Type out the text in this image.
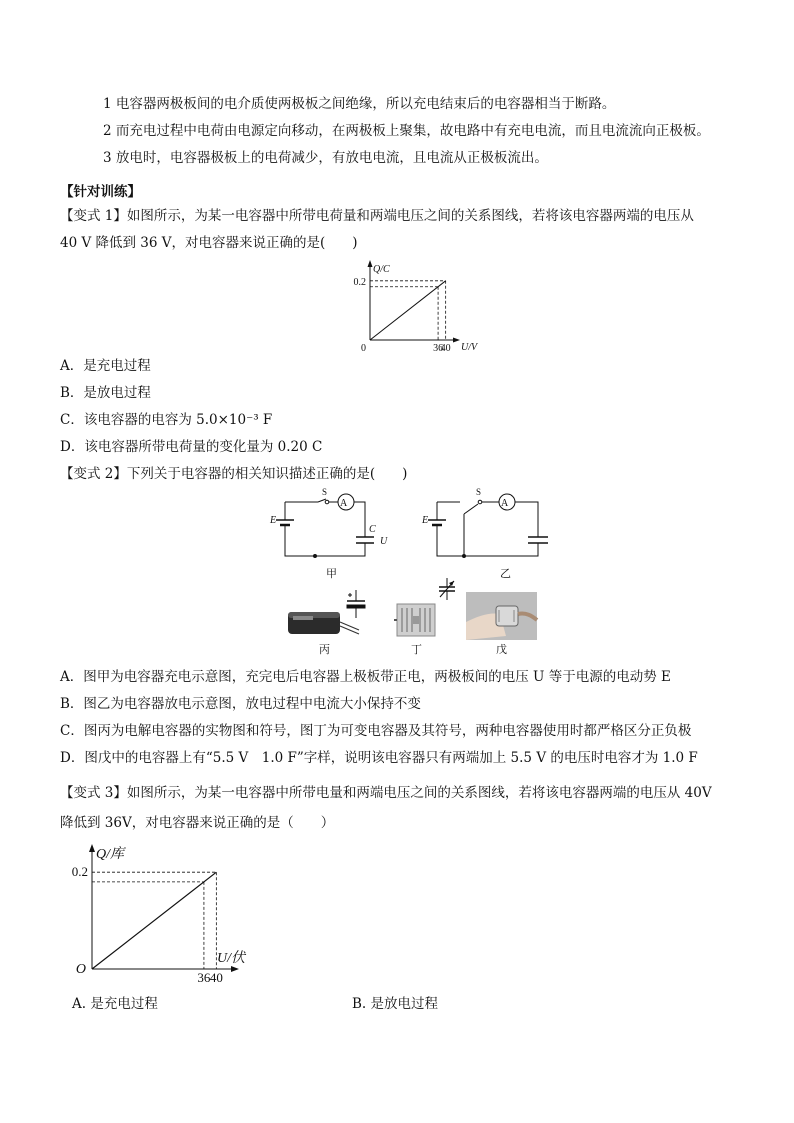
1 电容器两极板间的电介质使两极板之间绝缘，所以充电结束后的电容器相当于断路。
2 而充电过程中电荷由电源定向移动，在两极板上聚集，故电路中有充电电流，而且电流流向正极板。
3 放电时，电容器极板上的电荷减少，有放电电流，且电流从正极板流出。
【针对训练】
【变式 1】如图所示，为某一电容器中所带电荷量和两端电压之间的关系图线，若将该电容器两端的电压从
40 V 降低到 36 V，对电容器来说正确的是(　　)
Q/C
0.2
0	36
40 U/V
A．是充电过程
B．是放电过程
C．该电容器的电容为 5.0×10⁻³ F
D．该电容器所带电荷量的变化量为 0.20 C
【变式 2】下列关于电容器的相关知识描述正确的是(　　)
A
S
E
C
U
甲
A
S
E
乙
丙	丁	戊
A．图甲为电容器充电示意图，充完电后电容器上极板带正电，两极板间的电压 U 等于电源的电动势 E
B．图乙为电容器放电示意图，放电过程中电流大小保持不变
C．图丙为电解电容器的实物图和符号，图丁为可变电容器及其符号，两种电容器使用时都严格区分正负极
D．图戊中的电容器上有“5.5 V　1.0 F”字样，说明该电容器只有两端加上 5.5 V 的电压时电容才为 1.0 F
【变式 3】如图所示，为某一电容器中所带电量和两端电压之间的关系图线，若将该电容器两端的电压从 40V
降低到 36V，对电容器来说正确的是（　　）
Q/库
0.2
O
36 40
U/伏
A. 是充电过程	B. 是放电过程
